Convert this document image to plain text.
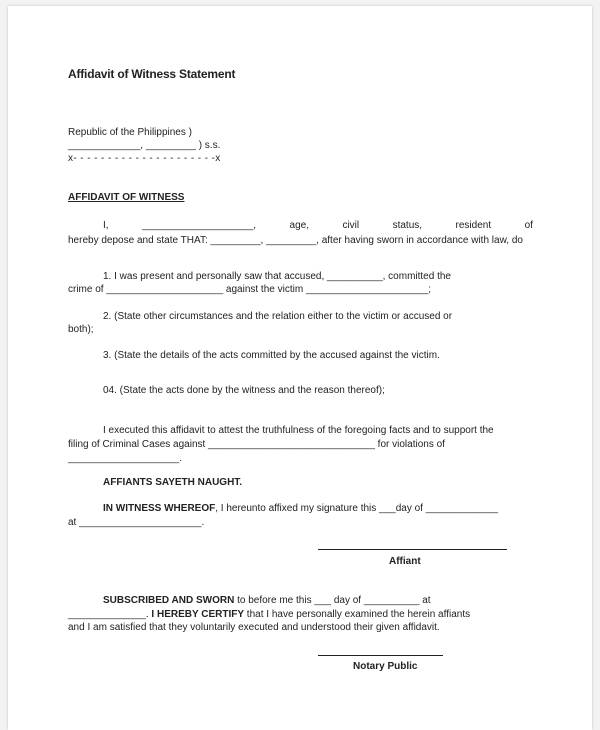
Affidavit of Witness Statement
Republic of the Philippines )
_____________, _________ ) s.s.
x- - - - - - - - - - - - - - - - - - - - -x
AFFIDAVIT OF WITNESS
I,	____________________,	age,	civil	status,	resident	of
hereby depose and state THAT: _________, _________, after having sworn in accordance with law, do
1. I was present and personally saw that accused, __________, committed the
crime of _____________________ against the victim ______________________;
2. (State other circumstances and the relation either to the victim or accused or
both);
3. (State the details of the acts committed by the accused against the victim.
04. (State the acts done by the witness and the reason thereof);
I executed this affidavit to attest the truthfulness of the foregoing facts and to support the
filing of Criminal Cases against ______________________________ for violations of
____________________.
AFFIANTS SAYETH NAUGHT.
IN WITNESS WHEREOF, I hereunto affixed my signature this ___day of _____________
at ______________________.
Affiant
SUBSCRIBED AND SWORN to before me this ___ day of __________ at
______________. I HEREBY CERTIFY that I have personally examined the herein affiants
and I am satisfied that they voluntarily executed and understood their given affidavit.
Notary Public
